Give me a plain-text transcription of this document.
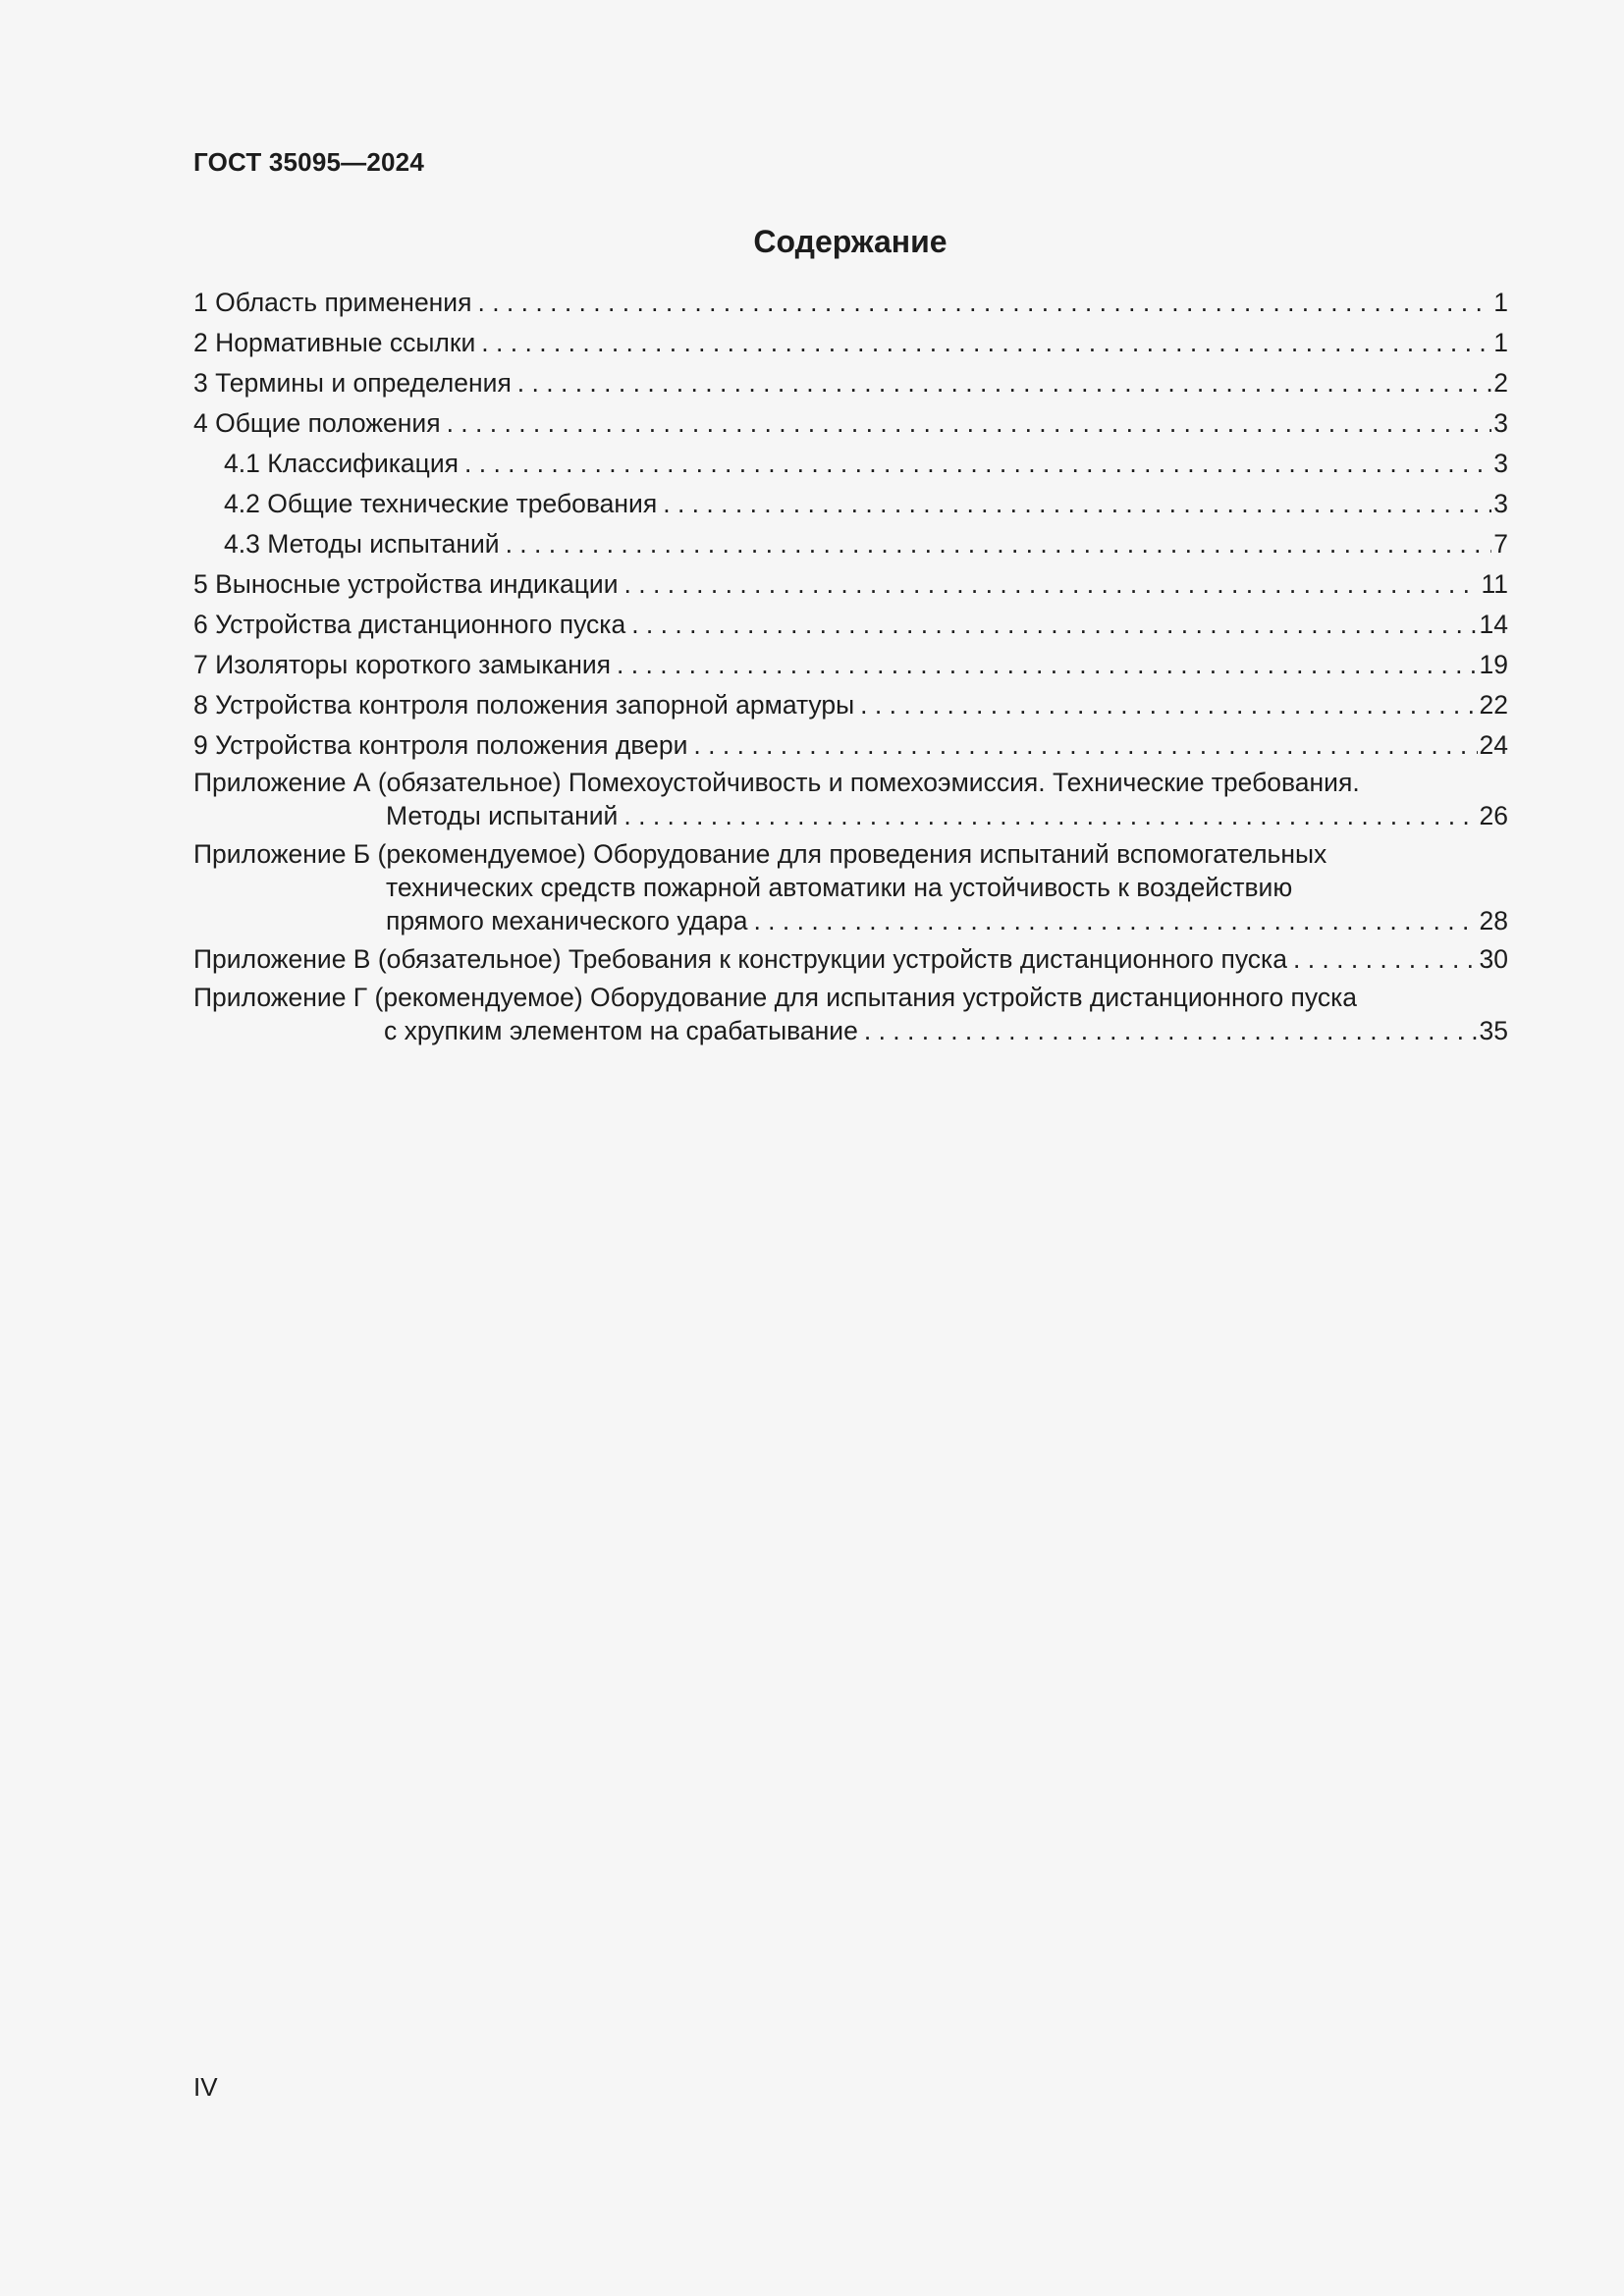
ГОСТ 35095—2024
Содержание
1 Область применения . . .	1
2 Нормативные ссылки . . .	1
3 Термины и определения . . .	2
4 Общие положения . . .	3
4.1 Классификация . . .	3
4.2 Общие технические требования . . .	3
4.3 Методы испытаний . . .	7
5 Выносные устройства индикации . . .	11
6 Устройства дистанционного пуска . . .	14
7 Изоляторы короткого замыкания . . .	19
8 Устройства контроля положения запорной арматуры . . .	22
9 Устройства контроля положения двери . . .	24
Приложение А (обязательное) Помехоустойчивость и помехоэмиссия. Технические требования.
Методы испытаний . . .	26
Приложение Б (рекомендуемое) Оборудование для проведения испытаний вспомогательных
технических средств пожарной автоматики на устойчивость к воздействию
прямого механического удара . . .	28
Приложение В (обязательное) Требования к конструкции устройств дистанционного пуска . . .	30
Приложение Г (рекомендуемое) Оборудование для испытания устройств дистанционного пуска
с хрупким элементом на срабатывание . . .	35
IV
